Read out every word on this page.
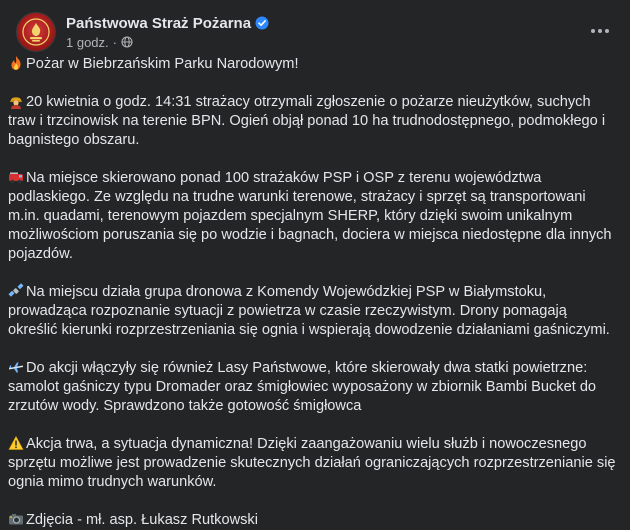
Państwowa Straż Pożarna
1 godz. ·

Pożar w Biebrzańskim Parku Narodowym!

20 kwietnia o godz. 14:31 strażacy otrzymali zgłoszenie o pożarze nieużytków, suchych traw i trzcinowisk na terenie BPN. Ogień objął ponad 10 ha trudnodostępnego, podmokłego i bagnistego obszaru.

Na miejsce skierowano ponad 100 strażaków PSP i OSP z terenu województwa podlaskiego. Ze względu na trudne warunki terenowe, strażacy i sprzęt są transportowani m.in. quadami, terenowym pojazdem specjalnym SHERP, który dzięki swoim unikalnym możliwościom poruszania się po wodzie i bagnach, dociera w miejsca niedostępne dla innych pojazdów.

Na miejscu działa grupa dronowa z Komendy Wojewódzkiej PSP w Białymstoku, prowadząca rozpoznanie sytuacji z powietrza w czasie rzeczywistym. Drony pomagają określić kierunki rozprzestrzeniania się ognia i wspierają dowodzenie działaniami gaśniczymi.

Do akcji włączyły się również Lasy Państwowe, które skierowały dwa statki powietrzne: samolot gaśniczy typu Dromader oraz śmigłowiec wyposażony w zbiornik Bambi Bucket do zrzutów wody. Sprawdzono także gotowość śmigłowca

Akcja trwa, a sytuacja dynamiczna! Dzięki zaangażowaniu wielu służb i nowoczesnego sprzętu możliwe jest prowadzenie skutecznych działań ograniczających rozprzestrzenianie się ognia mimo trudnych warunków.

Zdjęcia - mł. asp. Łukasz Rutkowski
